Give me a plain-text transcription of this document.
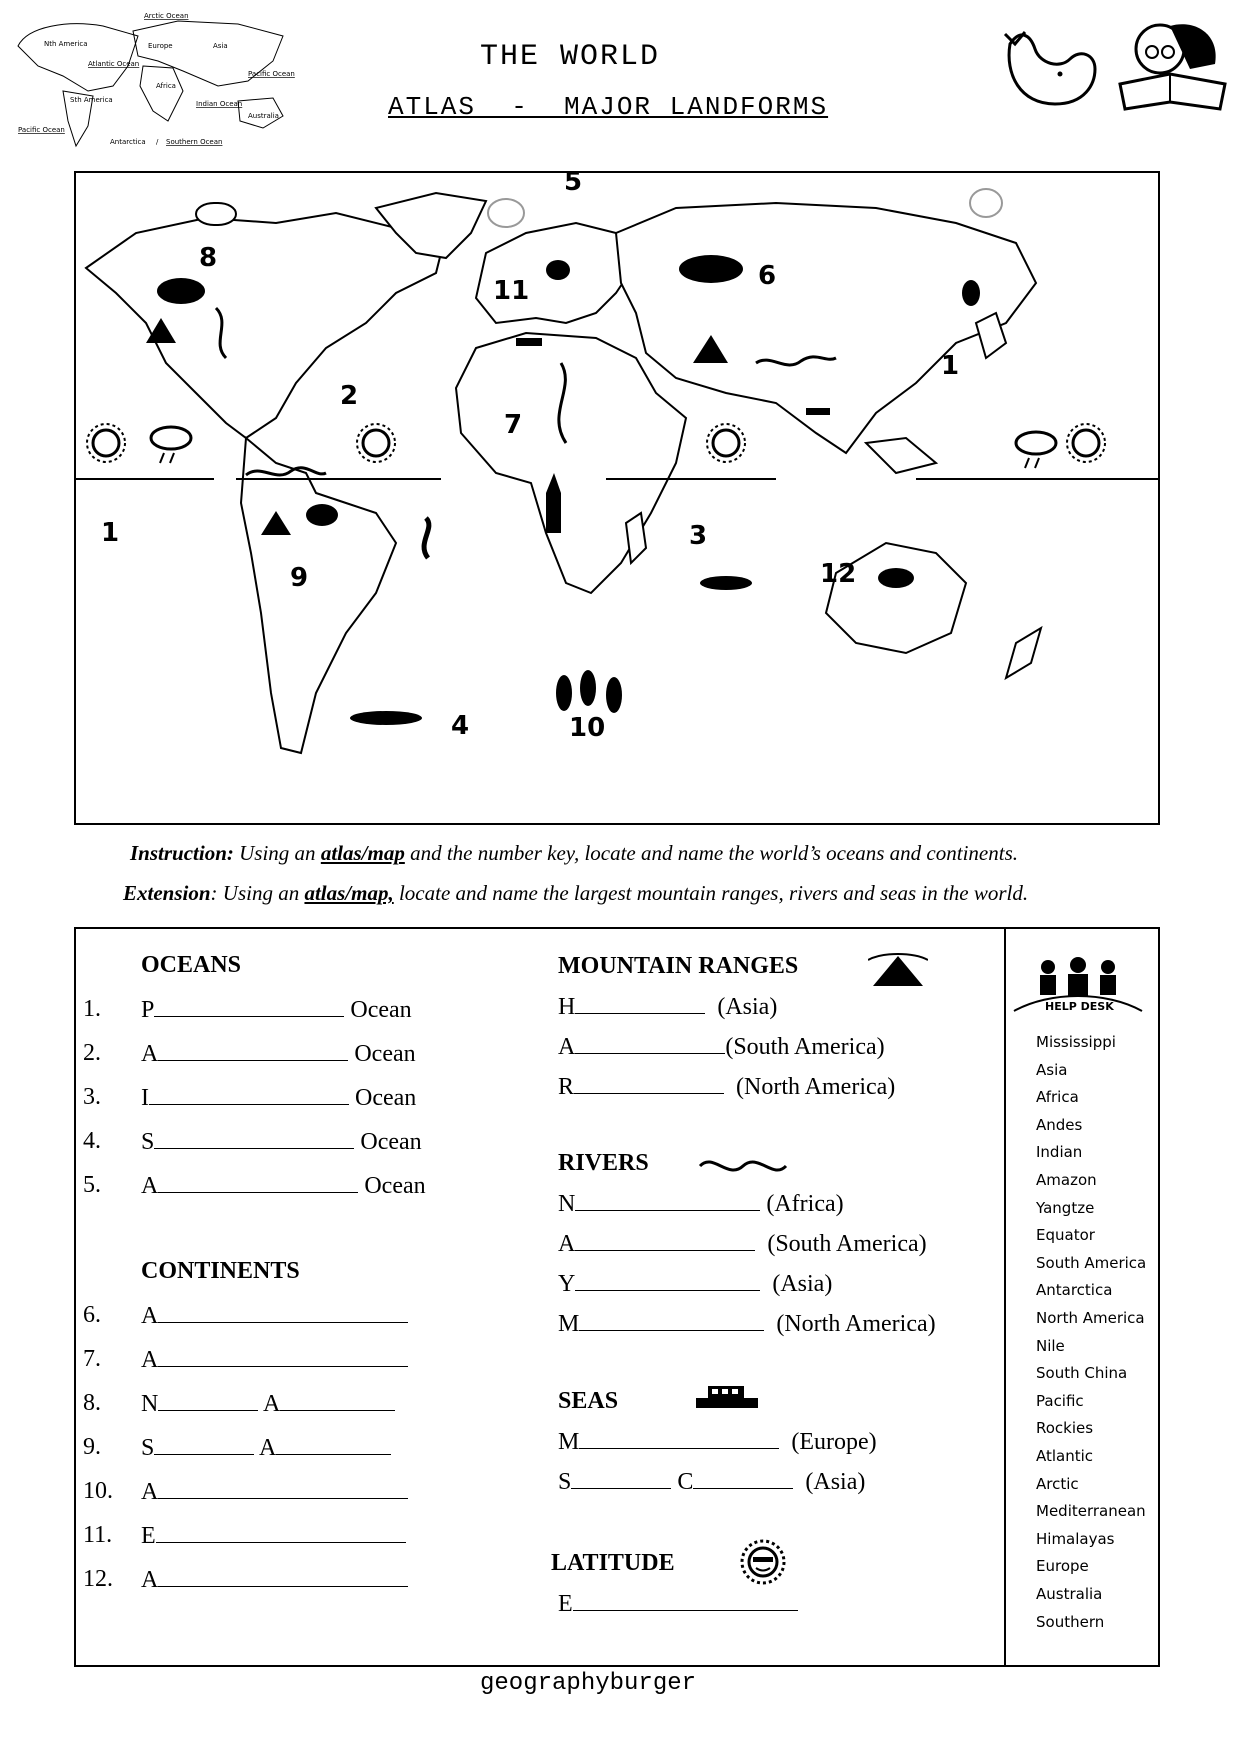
Arctic Ocean
Nth America	Europe	Asia
Atlantic Ocean
Pacific Ocean
Africa
Sth America	Indian Ocean
Australia
Pacific Ocean
Antarctica / Southern Ocean
THE WORLD
ATLAS  -  MAJOR LANDFORMS
1
1
2
3
4
5
6
7
8
9
10
11
12
Instruction: Using an atlas/map and the number key, locate and name the world’s oceans and continents.
Extension: Using an atlas/map, locate and name the largest mountain ranges, rivers and seas in the world.
OCEANS
1. P	Ocean
2. A	Ocean
3. I	Ocean
4. S	Ocean
5. A	Ocean
CONTINENTS
6. A
7. A
8. N	A
9. S	A
10. A
11. E
12. A
MOUNTAIN RANGES
H	(Asia)
A	(South America)
R	(North America)
RIVERS
N	(Africa)
A	(South America)
Y	(Asia)
M	(North America)
SEAS
M	(Europe)
S	C	(Asia)
LATITUDE
E
HELP DESK
Mississippi
Asia
Africa
Andes
Indian
Amazon
Yangtze
Equator
South America
Antarctica
North America
Nile
South China
Pacific
Rockies
Atlantic
Arctic
Mediterranean
Himalayas
Europe
Australia
Southern
geographyburger
